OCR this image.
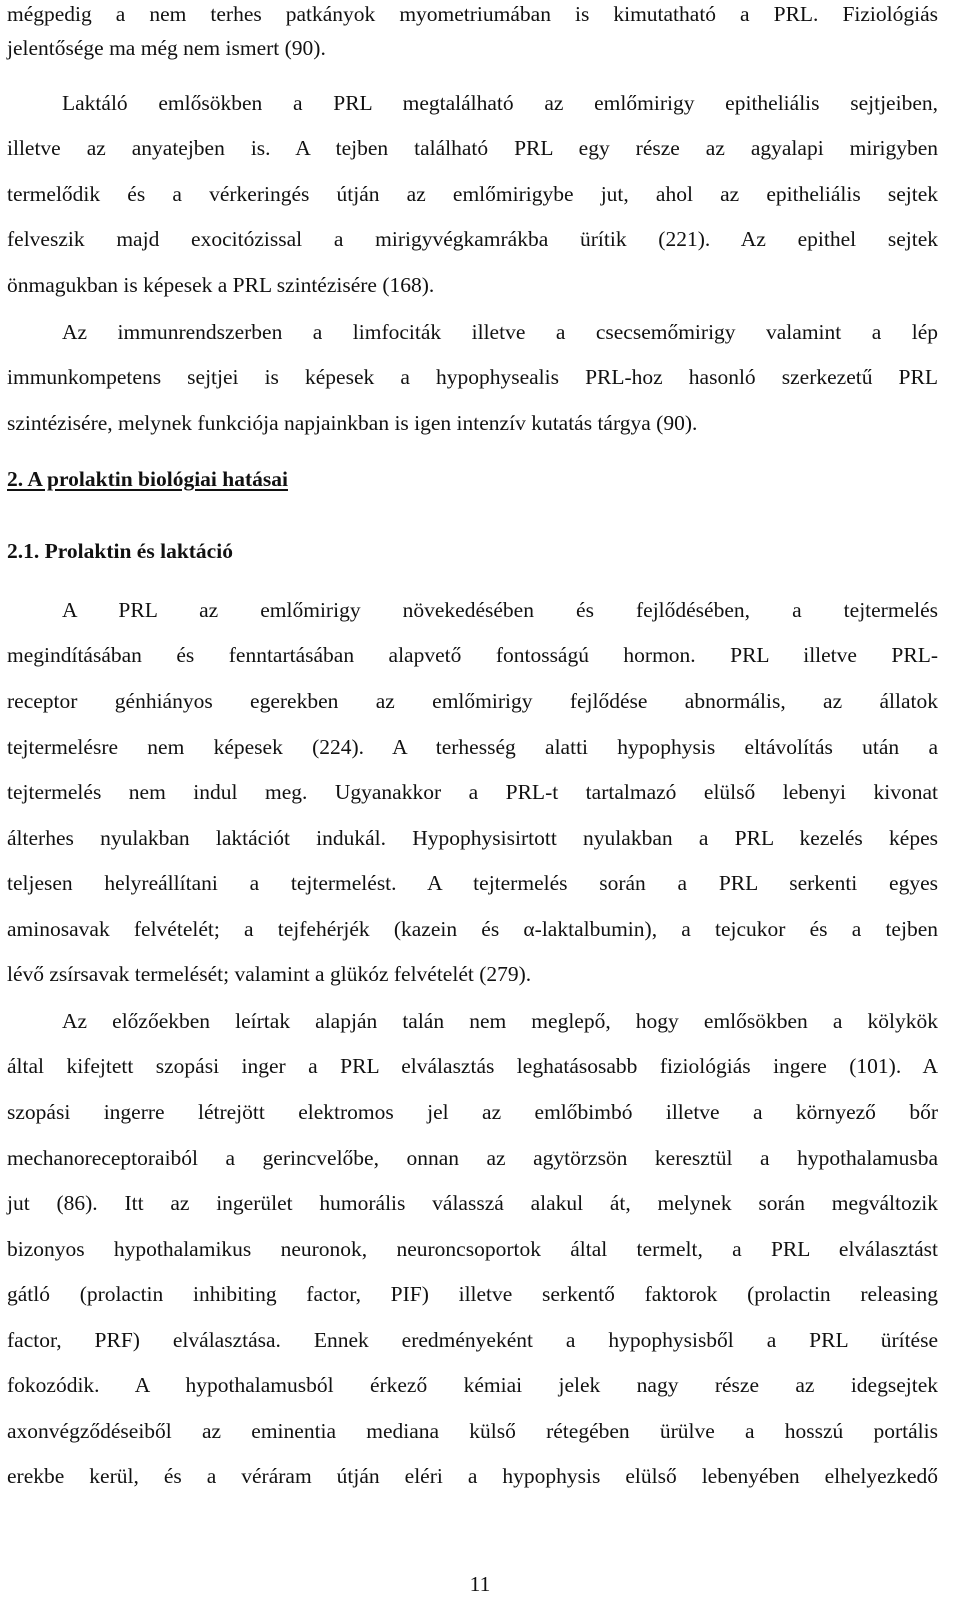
mégpedig a nem terhes patkányok myometriumában is kimutatható a PRL. Fiziológiás
jelentősége ma még nem ismert (90).
Laktáló emlősökben a PRL megtalálható az emlőmirigy epitheliális sejtjeiben,
illetve az anyatejben is. A tejben található PRL egy része az agyalapi mirigyben
termelődik és a vérkeringés útján az emlőmirigybe jut, ahol az epitheliális sejtek
felveszik majd exocitózissal a mirigyvégkamrákba ürítik (221). Az epithel sejtek
önmagukban is képesek a PRL szintézisére (168).
Az immunrendszerben a limfociták illetve a csecsemőmirigy valamint a lép
immunkompetens sejtjei is képesek a hypophysealis PRL-hoz hasonló szerkezetű PRL
szintézisére, melynek funkciója napjainkban is igen intenzív kutatás tárgya (90).
2. A prolaktin biológiai hatásai
2.1. Prolaktin és laktáció
A PRL az emlőmirigy növekedésében és fejlődésében, a tejtermelés
megindításában és fenntartásában alapvető fontosságú hormon. PRL illetve PRL-
receptor génhiányos egerekben az emlőmirigy fejlődése abnormális, az állatok
tejtermelésre nem képesek (224). A terhesség alatti hypophysis eltávolítás után a
tejtermelés nem indul meg. Ugyanakkor a PRL-t tartalmazó elülső lebenyi kivonat
álterhes nyulakban laktációt indukál. Hypophysisirtott nyulakban a PRL kezelés képes
teljesen helyreállítani a tejtermelést. A tejtermelés során a PRL serkenti egyes
aminosavak felvételét; a tejfehérjék (kazein és α-laktalbumin), a tejcukor és a tejben
lévő zsírsavak termelését; valamint a glükóz felvételét (279).
Az előzőekben leírtak alapján talán nem meglepő, hogy emlősökben a kölykök
által kifejtett szopási inger a PRL elválasztás leghatásosabb fiziológiás ingere (101). A
szopási ingerre létrejött elektromos jel az emlőbimbó illetve a környező bőr
mechanoreceptoraiból a gerincvelőbe, onnan az agytörzsön keresztül a hypothalamusba
jut (86). Itt az ingerület humorális válasszá alakul át, melynek során megváltozik
bizonyos hypothalamikus neuronok, neuroncsoportok által termelt, a PRL elválasztást
gátló (prolactin inhibiting factor, PIF) illetve serkentő faktorok (prolactin releasing
factor, PRF) elválasztása. Ennek eredményeként a hypophysisből a PRL ürítése
fokozódik. A hypothalamusból érkező kémiai jelek nagy része az idegsejtek
axonvégződéseiből az eminentia mediana külső rétegében ürülve a hosszú portális
erekbe kerül, és a véráram útján eléri a hypophysis elülső lebenyében elhelyezkedő
11
